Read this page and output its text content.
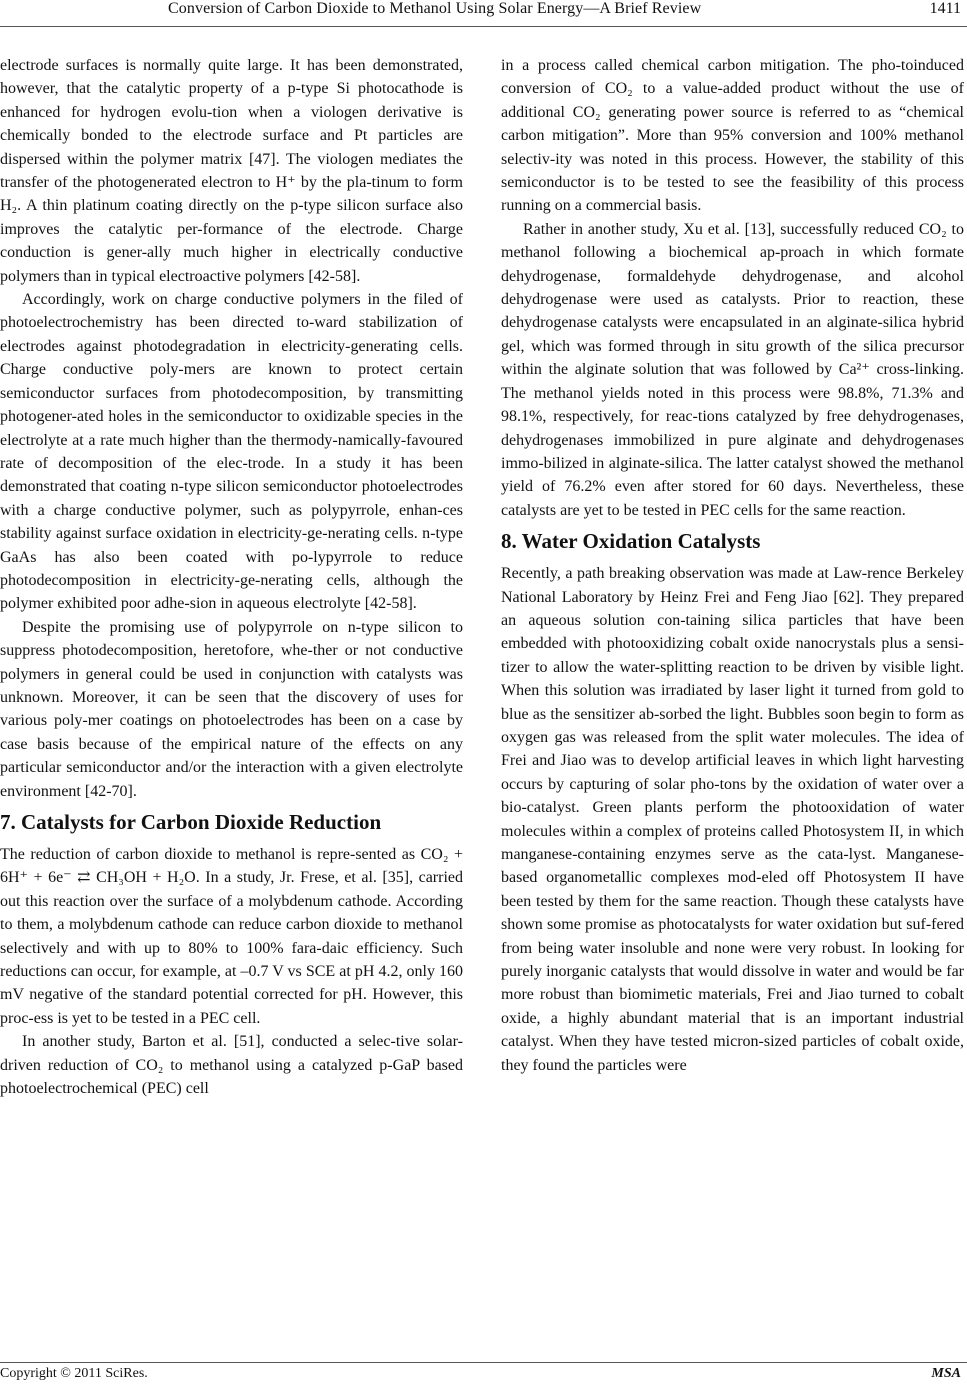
Conversion of Carbon Dioxide to Methanol Using Solar Energy—A Brief Review	1411

electrode surfaces is normally quite large. It has been demonstrated, however, that the catalytic property of a p-type Si photocathode is enhanced for hydrogen evolu-tion when a viologen derivative is chemically bonded to the electrode surface and Pt particles are dispersed within the polymer matrix [47]. The viologen mediates the transfer of the photogenerated electron to H⁺ by the pla-tinum to form H₂. A thin platinum coating directly on the p-type silicon surface also improves the catalytic per-formance of the electrode. Charge conduction is gener-ally much higher in electrically conductive polymers than in typical electroactive polymers [42-58].

Accordingly, work on charge conductive polymers in the filed of photoelectrochemistry has been directed to-ward stabilization of electrodes against photodegradation in electricity-generating cells. Charge conductive poly-mers are known to protect certain semiconductor surfaces from photodecomposition, by transmitting photogener-ated holes in the semiconductor to oxidizable species in the electrolyte at a rate much higher than the thermody-namically-favoured rate of decomposition of the elec-trode. In a study it has been demonstrated that coating n-type silicon semiconductor photoelectrodes with a charge conductive polymer, such as polypyrrole, enhan-ces stability against surface oxidation in electricity-ge-nerating cells. n-type GaAs has also been coated with po-lypyrrole to reduce photodecomposition in electricity-ge-nerating cells, although the polymer exhibited poor adhe-sion in aqueous electrolyte [42-58].

Despite the promising use of polypyrrole on n-type silicon to suppress photodecomposition, heretofore, whe-ther or not conductive polymers in general could be used in conjunction with catalysts was unknown. Moreover, it can be seen that the discovery of uses for various poly-mer coatings on photoelectrodes has been on a case by case basis because of the empirical nature of the effects on any particular semiconductor and/or the interaction with a given electrolyte environment [42-70].

7. Catalysts for Carbon Dioxide Reduction

The reduction of carbon dioxide to methanol is repre-sented as CO₂ + 6H⁺ + 6e⁻ ⇄ CH₃OH + H₂O. In a study, Jr. Frese, et al. [35], carried out this reaction over the surface of a molybdenum cathode. According to them, a molybdenum cathode can reduce carbon dioxide to methanol selectively and with up to 80% to 100% fara-daic efficiency. Such reductions can occur, for example, at –0.7 V vs SCE at pH 4.2, only 160 mV negative of the standard potential corrected for pH. However, this proc-ess is yet to be tested in a PEC cell.

In another study, Barton et al. [51], conducted a selec-tive solar-driven reduction of CO₂ to methanol using a catalyzed p-GaP based photoelectrochemical (PEC) cell

in a process called chemical carbon mitigation. The pho-toinduced conversion of CO₂ to a value-added product without the use of additional CO₂ generating power source is referred to as “chemical carbon mitigation”. More than 95% conversion and 100% methanol selectiv-ity was noted in this process. However, the stability of this semiconductor is to be tested to see the feasibility of this process running on a commercial basis.

Rather in another study, Xu et al. [13], successfully reduced CO₂ to methanol following a biochemical ap-proach in which formate dehydrogenase, formaldehyde dehydrogenase, and alcohol dehydrogenase were used as catalysts. Prior to reaction, these dehydrogenase catalysts were encapsulated in an alginate-silica hybrid gel, which was formed through in situ growth of the silica precursor within the alginate solution that was followed by Ca²⁺ cross-linking. The methanol yields noted in this process were 98.8%, 71.3% and 98.1%, respectively, for reac-tions catalyzed by free dehydrogenases, dehydrogenases immobilized in pure alginate and dehydrogenases immo-bilized in alginate-silica. The latter catalyst showed the methanol yield of 76.2% even after stored for 60 days. Nevertheless, these catalysts are yet to be tested in PEC cells for the same reaction.

8. Water Oxidation Catalysts

Recently, a path breaking observation was made at Law-rence Berkeley National Laboratory by Heinz Frei and Feng Jiao [62]. They prepared an aqueous solution con-taining silica particles that have been embedded with photooxidizing cobalt oxide nanocrystals plus a sensi-tizer to allow the water-splitting reaction to be driven by visible light. When this solution was irradiated by laser light it turned from gold to blue as the sensitizer ab-sorbed the light. Bubbles soon begin to form as oxygen gas was released from the split water molecules. The idea of Frei and Jiao was to develop artificial leaves in which light harvesting occurs by capturing of solar pho-tons by the oxidation of water over a bio-catalyst. Green plants perform the photooxidation of water molecules within a complex of proteins called Photosystem II, in which manganese-containing enzymes serve as the cata-lyst. Manganese-based organometallic complexes mod-eled off Photosystem II have been tested by them for the same reaction. Though these catalysts have shown some promise as photocatalysts for water oxidation but suf-fered from being water insoluble and none were very robust. In looking for purely inorganic catalysts that would dissolve in water and would be far more robust than biomimetic materials, Frei and Jiao turned to cobalt oxide, a highly abundant material that is an important industrial catalyst. When they have tested micron-sized particles of cobalt oxide, they found the particles were

Copyright © 2011 SciRes.	MSA
